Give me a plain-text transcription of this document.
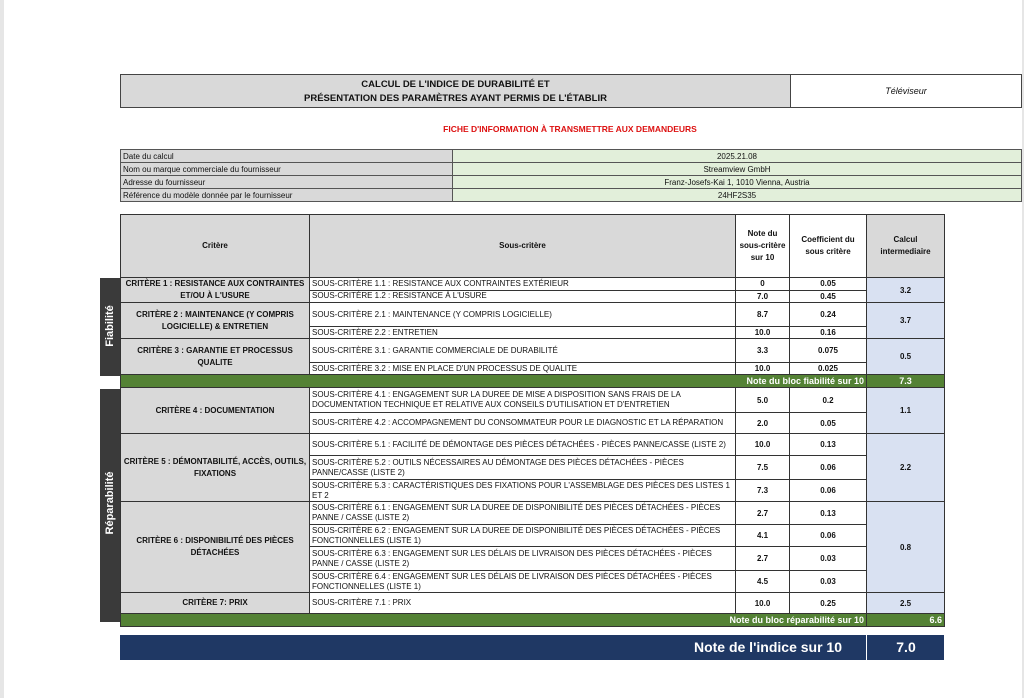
CALCUL DE L'INDICE DE DURABILITÉ ET
PRÉSENTATION DES PARAMÈTRES AYANT PERMIS DE L'ÉTABLIR
Téléviseur
FICHE D'INFORMATION À TRANSMETTRE AUX DEMANDEURS
Date du calcul	2025.21.08
Nom ou marque commerciale du fournisseur	Streamview GmbH
Adresse du fournisseur	Franz-Josefs-Kai 1, 1010 Vienna, Austria
Référence du modèle donnée par le fournisseur	24HF2S35
Fiabilité
Réparabilité
Critère	Sous-critère	Note du sous-critère sur 10	Coefficient du sous critère	Calcul intermediaire
CRITÈRE 1 : RESISTANCE AUX CONTRAINTES ET/OU À L'USURE	SOUS-CRITÈRE 1.1 : RESISTANCE AUX CONTRAINTES EXTÉRIEUR	0	0.05	3.2
	SOUS-CRITÈRE 1.2 : RESISTANCE À L'USURE	7.0	0.45	
CRITÈRE 2 : MAINTENANCE (Y COMPRIS LOGICIELLE) & ENTRETIEN	SOUS-CRITÈRE 2.1 : MAINTENANCE (Y COMPRIS LOGICIELLE)	8.7	0.24	3.7
	SOUS-CRITÈRE 2.2 : ENTRETIEN	10.0	0.16	
CRITÈRE 3 : GARANTIE ET PROCESSUS QUALITE	SOUS-CRITÈRE 3.1 : GARANTIE COMMERCIALE DE DURABILITÉ	3.3	0.075	0.5
	SOUS-CRITÈRE 3.2 : MISE EN PLACE D'UN PROCESSUS DE QUALITE	10.0	0.025	
Note du bloc fiabilité sur 10				7.3
CRITÈRE 4 : DOCUMENTATION	SOUS-CRITÈRE 4.1 : ENGAGEMENT SUR LA DUREE DE MISE A DISPOSITION SANS FRAIS DE LA DOCUMENTATION TECHNIQUE ET RELATIVE AUX CONSEILS D'UTILISATION ET D'ENTRETIEN	5.0	0.2	1.1
	SOUS-CRITÈRE 4.2 : ACCOMPAGNEMENT DU CONSOMMATEUR POUR LE DIAGNOSTIC ET LA RÉPARATION	2.0	0.05	
CRITÈRE 5 : DÉMONTABILITÉ, ACCÈS, OUTILS, FIXATIONS	SOUS-CRITÈRE 5.1 : FACILITÉ DE DÉMONTAGE DES PIÈCES DÉTACHÉES - PIÈCES PANNE/CASSE (LISTE 2)	10.0	0.13	2.2
	SOUS-CRITÈRE 5.2 : OUTILS NÉCESSAIRES AU DÉMONTAGE DES PIÈCES DÉTACHÉES - PIÈCES PANNE/CASSE (LISTE 2)	7.5	0.06	
	SOUS-CRITÈRE 5.3 : CARACTÉRISTIQUES DES FIXATIONS POUR L'ASSEMBLAGE DES PIÈCES DES LISTES 1 ET 2	7.3	0.06	
CRITÈRE 6 : DISPONIBILITÉ DES PIÈCES DÉTACHÉES	SOUS-CRITÈRE 6.1 : ENGAGEMENT SUR LA DUREE DE DISPONIBILITÉ DES PIÈCES DÉTACHÉES - PIÈCES PANNE / CASSE (LISTE 2)	2.7	0.13	0.8
	SOUS-CRITÈRE 6.2 : ENGAGEMENT SUR LA DUREE DE DISPONIBILITÉ DES PIÈCES DÉTACHÉES - PIÈCES FONCTIONNELLES (LISTE 1)	4.1	0.06	
	SOUS-CRITÈRE 6.3 : ENGAGEMENT SUR LES DÉLAIS DE LIVRAISON DES PIÈCES DÉTACHÉES - PIÈCES PANNE / CASSE (LISTE 2)	2.7	0.03	
	SOUS-CRITÈRE 6.4 : ENGAGEMENT SUR LES DÉLAIS DE LIVRAISON DES PIÈCES DÉTACHÉES - PIÈCES FONCTIONNELLES (LISTE 1)	4.5	0.03	
CRITÈRE 7: PRIX	SOUS-CRITÈRE 7.1 : PRIX	10.0	0.25	2.5
Note du bloc réparabilité sur 10				6.6
Note de l'indice sur 10	7.0
